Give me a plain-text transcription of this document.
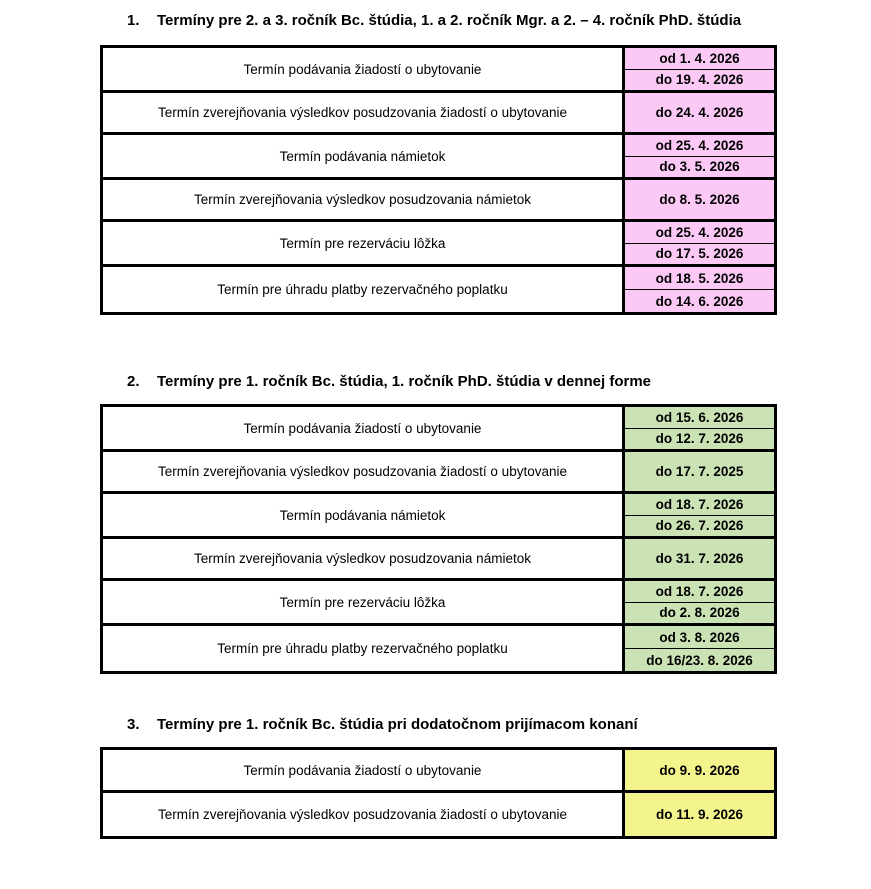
1.	Termíny pre 2. a 3. ročník Bc. štúdia, 1. a 2. ročník Mgr. a 2. – 4. ročník PhD. štúdia
Termín podávania žiadostí o ubytovanie
od 1. 4. 2026
do 19. 4. 2026
Termín zverejňovania výsledkov posudzovania žiadostí o ubytovanie	do 24. 4. 2026
Termín podávania námietok
od 25. 4. 2026
do 3. 5. 2026
Termín zverejňovania výsledkov posudzovania námietok	do 8. 5. 2026
Termín pre rezerváciu lôžka
od 25. 4. 2026
do 17. 5. 2026
Termín pre úhradu platby rezervačného poplatku
od 18. 5. 2026
do 14. 6. 2026
2.	Termíny pre 1. ročník Bc. štúdia, 1. ročník PhD. štúdia v dennej forme
Termín podávania žiadostí o ubytovanie
od 15. 6. 2026
do 12. 7. 2026
Termín zverejňovania výsledkov posudzovania žiadostí o ubytovanie	do 17. 7. 2025
Termín podávania námietok
od 18. 7. 2026
do 26. 7. 2026
Termín zverejňovania výsledkov posudzovania námietok	do 31. 7. 2026
Termín pre rezerváciu lôžka
od 18. 7. 2026
do 2. 8. 2026
Termín pre úhradu platby rezervačného poplatku
od 3. 8. 2026
do 16/23. 8. 2026
3.	Termíny pre 1. ročník Bc. štúdia pri dodatočnom prijímacom konaní
Termín podávania žiadostí o ubytovanie	do 9. 9. 2026
Termín zverejňovania výsledkov posudzovania žiadostí o ubytovanie	do 11. 9. 2026
